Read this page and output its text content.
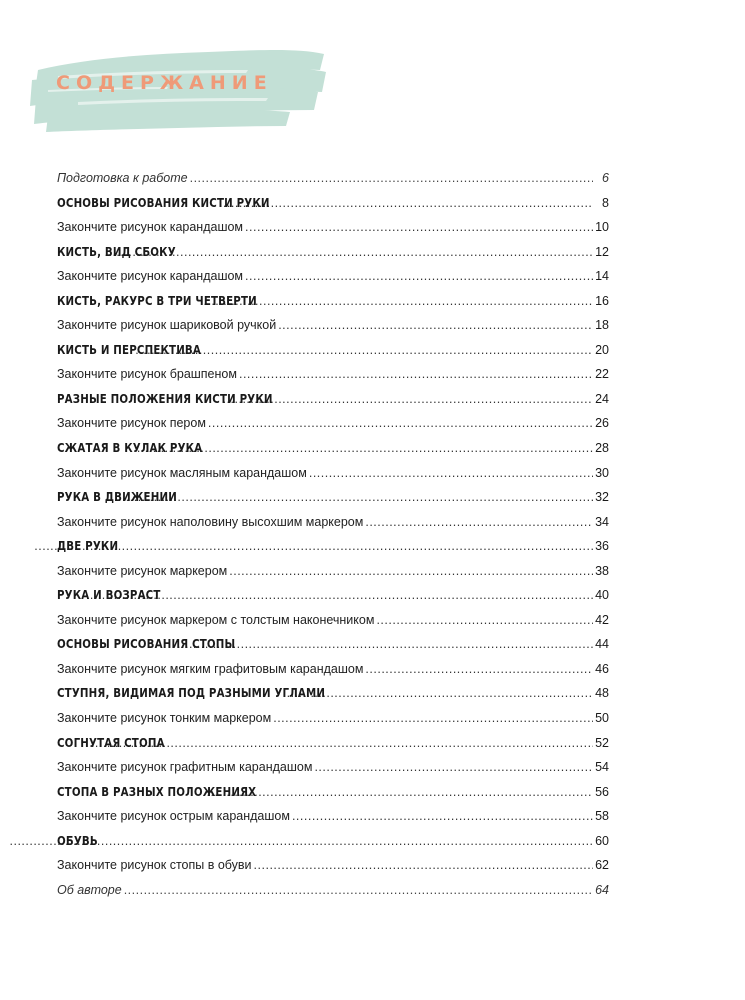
СОДЕРЖАНИЕ
Подготовка к работе .....	6
ОСНОВЫ РИСОВАНИЯ КИСТИ РУКИ .....	8
Закончите рисунок карандашом .....	10
КИСТЬ, ВИД СБОКУ .....	12
Закончите рисунок карандашом .....	14
КИСТЬ, РАКУРС В ТРИ ЧЕТВЕРТИ .....	16
Закончите рисунок шариковой ручкой .....	18
КИСТЬ И ПЕРСПЕКТИВА .....	20
Закончите рисунок брашпеном .....	22
РАЗНЫЕ ПОЛОЖЕНИЯ КИСТИ РУКИ .....	24
Закончите рисунок пером .....	26
СЖАТАЯ В КУЛАК РУКА .....	28
Закончите рисунок масляным карандашом .....	30
РУКА В ДВИЖЕНИИ .....	32
Закончите рисунок наполовину высохшим маркером .....	34
ДВЕ РУКИ .....	36
Закончите рисунок маркером .....	38
РУКА И ВОЗРАСТ .....	40
Закончите рисунок маркером с толстым наконечником .....	42
ОСНОВЫ РИСОВАНИЯ СТОПЫ .....	44
Закончите рисунок мягким графитовым карандашом .....	46
СТУПНЯ, ВИДИМАЯ ПОД РАЗНЫМИ УГЛАМИ .....	48
Закончите рисунок тонким маркером .....	50
СОГНУТАЯ СТОПА .....	52
Закончите рисунок графитным карандашом .....	54
СТОПА В РАЗНЫХ ПОЛОЖЕНИЯХ .....	56
Закончите рисунок острым карандашом .....	58
ОБУВЬ .....	60
Закончите рисунок стопы в обуви .....	62
Об авторе .....	64
